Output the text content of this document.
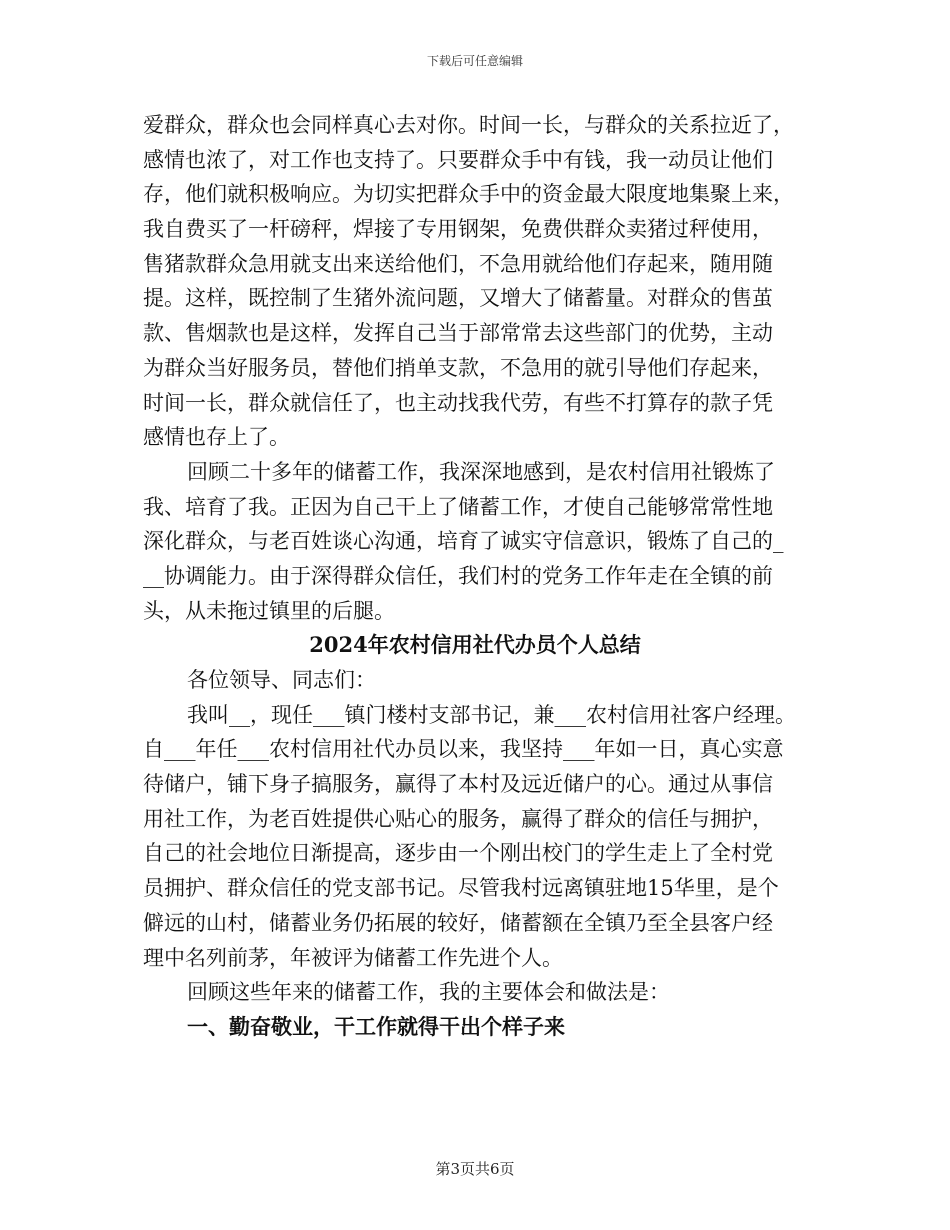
下载后可任意编辑
爱群众，群众也会同样真心去对你。时间一长，与群众的关系拉近了，
感情也浓了，对工作也支持了。只要群众手中有钱，我一动员让他们
存，他们就积极响应。为切实把群众手中的资金最大限度地集聚上来，
我自费买了一杆磅秤，焊接了专用钢架，免费供群众卖猪过秤使用，
售猪款群众急用就支出来送给他们，不急用就给他们存起来，随用随
提。这样，既控制了生猪外流问题，又增大了储蓄量。对群众的售茧
款、售烟款也是这样，发挥自己当于部常常去这些部门的优势，主动
为群众当好服务员，替他们捎单支款，不急用的就引导他们存起来，
时间一长，群众就信任了，也主动找我代劳，有些不打算存的款子凭
感情也存上了。
回顾二十多年的储蓄工作，我深深地感到，是农村信用社锻炼了
我、培育了我。正因为自己干上了储蓄工作，才使自己能够常常性地
深化群众，与老百姓谈心沟通，培育了诚实守信意识，锻炼了自己的_
__协调能力。由于深得群众信任，我们村的党务工作年走在全镇的前
头，从未拖过镇里的后腿。
2024年农村信用社代办员个人总结
各位领导、同志们：
我叫__，现任___镇门楼村支部书记，兼___农村信用社客户经理。
自___年任___农村信用社代办员以来，我坚持___年如一日，真心实意
待储户，铺下身子搞服务，赢得了本村及远近储户的心。通过从事信
用社工作，为老百姓提供心贴心的服务，赢得了群众的信任与拥护，
自己的社会地位日渐提高，逐步由一个刚出校门的学生走上了全村党
员拥护、群众信任的党支部书记。尽管我村远离镇驻地15华里，是个
僻远的山村，储蓄业务仍拓展的较好，储蓄额在全镇乃至全县客户经
理中名列前茅，年被评为储蓄工作先进个人。
回顾这些年来的储蓄工作，我的主要体会和做法是：
一、勤奋敬业，干工作就得干出个样子来
第3页共6页
